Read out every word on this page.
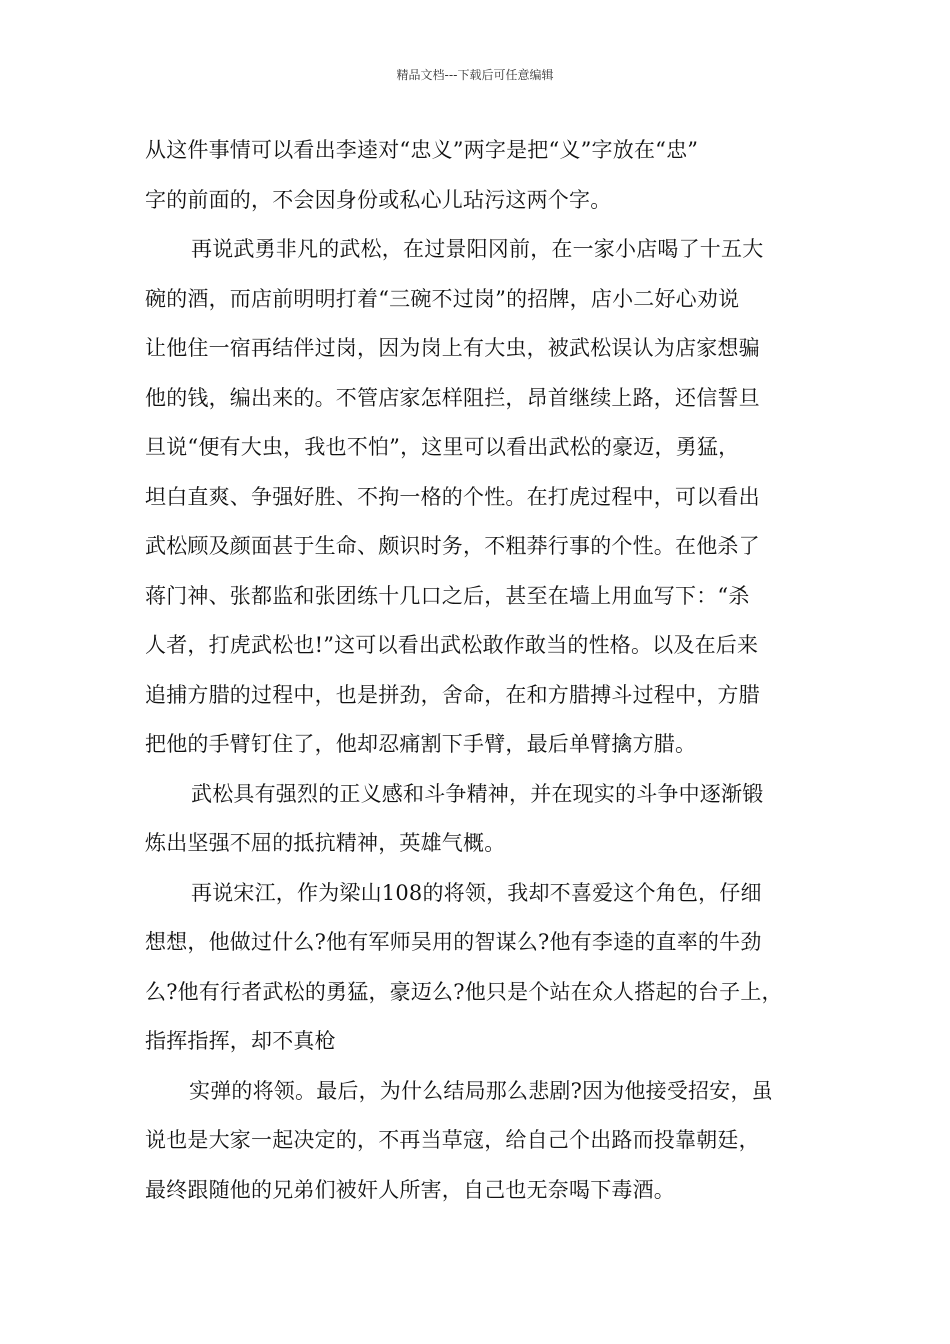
精品文档---下载后可任意编辑
从这件事情可以看出李逵对“忠义”两字是把“义”字放在“忠”
字的前面的，不会因身份或私心儿玷污这两个字。
再说武勇非凡的武松，在过景阳冈前，在一家小店喝了十五大
碗的酒，而店前明明打着“三碗不过岗”的招牌，店小二好心劝说
让他住一宿再结伴过岗，因为岗上有大虫，被武松误认为店家想骗
他的钱，编出来的。不管店家怎样阻拦，昂首继续上路，还信誓旦
旦说“便有大虫，我也不怕”，这里可以看出武松的豪迈，勇猛，
坦白直爽、争强好胜、不拘一格的个性。在打虎过程中，可以看出
武松顾及颜面甚于生命、颇识时务，不粗莽行事的个性。在他杀了
蒋门神、张都监和张团练十几口之后，甚至在墙上用血写下：“杀
人者，打虎武松也!”这可以看出武松敢作敢当的性格。以及在后来
追捕方腊的过程中，也是拼劲，舍命，在和方腊搏斗过程中，方腊
把他的手臂钉住了，他却忍痛割下手臂，最后单臂擒方腊。
武松具有强烈的正义感和斗争精神，并在现实的斗争中逐渐锻
炼出坚强不屈的抵抗精神，英雄气概。
再说宋江，作为梁山108的将领，我却不喜爱这个角色，仔细
想想，他做过什么?他有军师吴用的智谋么?他有李逵的直率的牛劲
么?他有行者武松的勇猛，豪迈么?他只是个站在众人搭起的台子上，
指挥指挥，却不真枪
实弹的将领。最后，为什么结局那么悲剧?因为他接受招安，虽
说也是大家一起决定的，不再当草寇，给自己个出路而投靠朝廷，
最终跟随他的兄弟们被奸人所害，自己也无奈喝下毒酒。
